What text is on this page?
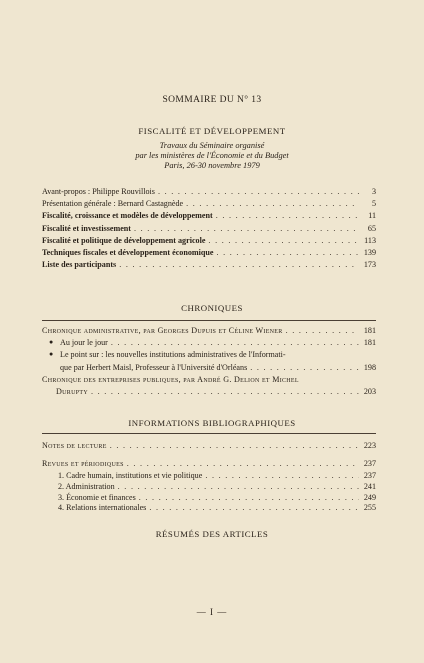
SOMMAIRE DU N° 13
FISCALITÉ ET DÉVELOPPEMENT
Travaux du Séminaire organisé
par les ministères de l'Économie et du Budget
Paris, 26-30 novembre 1979
Avant-propos : Philippe Rouvillois . . .	3
Présentation générale : Bernard Castagnède . . .	5
Fiscalité, croissance et modèles de développement . . .	11
Fiscalité et investissement . . .	65
Fiscalité et politique de développement agricole . . .	113
Techniques fiscales et développement économique . . .	139
Liste des participants . . .	173
CHRONIQUES
Chronique administrative, par Georges Dupuis et Céline Wiener . . .	181
● Au jour le jour . . .	181
● Le point sur : les nouvelles institutions administratives de l'Informati-
que par Herbert Maisl, Professeur à l'Université d'Orléans . . .	198
Chronique des entreprises publiques, par André G. Delion et Michel
Durupty . . .	203
INFORMATIONS BIBLIOGRAPHIQUES
Notes de lecture . . .	223
Revues et périodiques . . .	237
1. Cadre humain, institutions et vie politique . . .	237
2. Administration . . .	241
3. Économie et finances . . .	249
4. Relations internationales . . .	255
RÉSUMÉS DES ARTICLES
— I —
